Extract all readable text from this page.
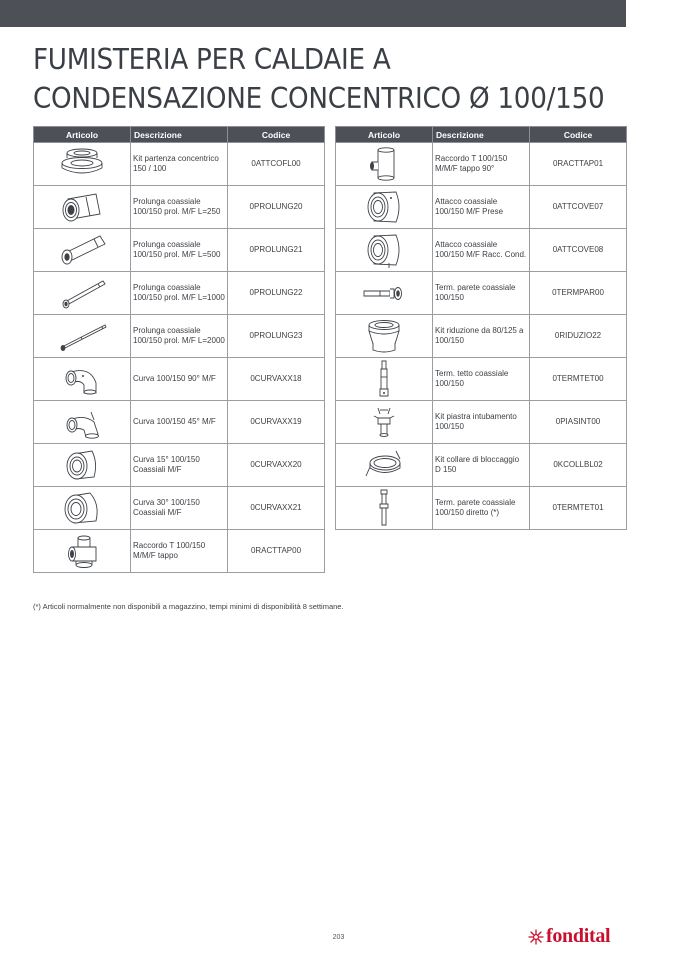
FUMISTERIA PER CALDAIE A
CONDENSAZIONE CONCENTRICO Ø 100/150
Articolo	Descrizione	Codice

	Kit partenza concentrico 150 / 100	0ATTCOFL00

	Prolunga coassiale 100/150 prol. M/F L=250	0PROLUNG20

	Prolunga coassiale 100/150 prol. M/F L=500	0PROLUNG21

	Prolunga coassiale 100/150 prol. M/F L=1000	0PROLUNG22

	Prolunga coassiale 100/150 prol. M/F L=2000	0PROLUNG23

	Curva 100/150 90° M/F	0CURVAXX18

	Curva 100/150 45° M/F	0CURVAXX19

	Curva 15° 100/150 Coassiali M/F	0CURVAXX20

	Curva 30° 100/150 Coassiali M/F	0CURVAXX21

	Raccordo T 100/150 M/M/F tappo	0RACTTAP00
Articolo	Descrizione	Codice

	Raccordo T 100/150 M/M/F tappo 90°	0RACTTAP01

	Attacco coassiale 100/150 M/F Prese	0ATTCOVE07

	Attacco coassiale 100/150 M/F Racc. Cond.	0ATTCOVE08

	Term. parete coassiale 100/150	0TERMPAR00

	Kit riduzione da 80/125 a 100/150	0RIDUZIO22

	Term. tetto coassiale 100/150	0TERMTET00

	Kit piastra intubamento 100/150	0PIASINT00

	Kit collare di bloccaggio D 150	0KCOLLBL02

	Term. parete coassiale 100/150 diretto (*)	0TERMTET01
(*) Articoli normalmente non disponibili a magazzino, tempi minimi di disponibilità 8 settimane.
203	fondital
